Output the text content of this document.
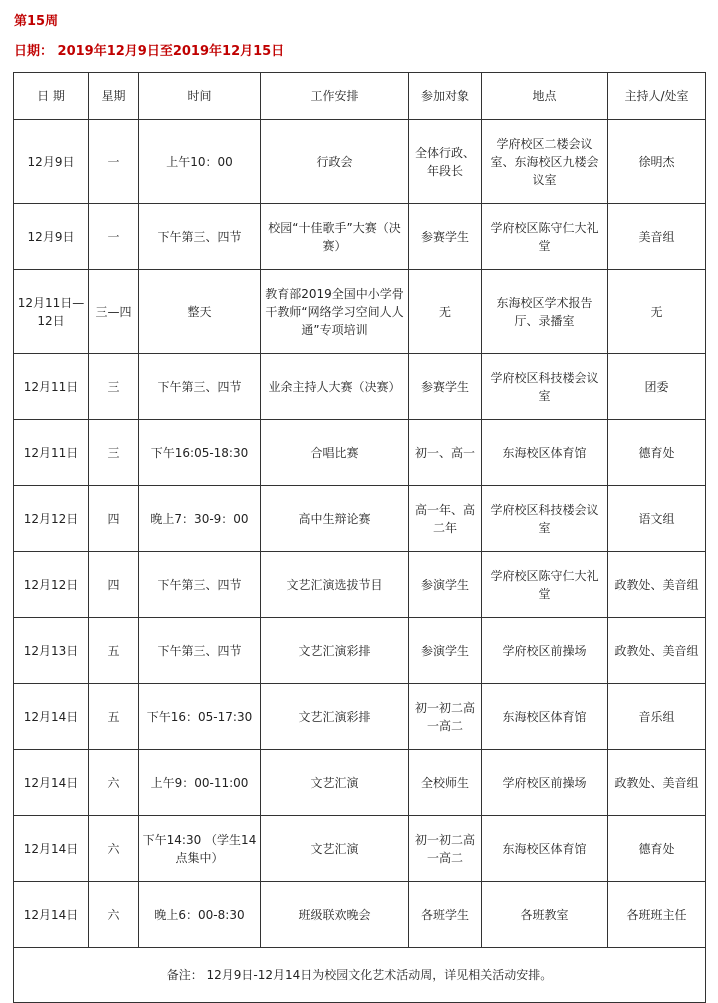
第15周
日期： 2019年12月9日至2019年12月15日
日 期	星期	时间	工作安排	参加对象	地点	主持人/处室
12月9日	一	上午10：00	行政会	全体行政、年段长	学府校区二楼会议室、东海校区九楼会议室	徐明杰
12月9日	一	下午第三、四节	校园“十佳歌手”大赛（决赛）	参赛学生	学府校区陈守仁大礼堂	美音组
12月11日—12日	三—四	整天	教育部2019全国中小学骨干教师“网络学习空间人人通”专项培训	无	东海校区学术报告厅、录播室	无
12月11日	三	下午第三、四节	业余主持人大赛（决赛）	参赛学生	学府校区科技楼会议室	团委
12月11日	三	下午16:05-18:30	合唱比赛	初一、高一	东海校区体育馆	德育处
12月12日	四	晚上7：30-9：00	高中生辩论赛	高一年、高二年	学府校区科技楼会议室	语文组
12月12日	四	下午第三、四节	文艺汇演选拔节目	参演学生	学府校区陈守仁大礼堂	政教处、美音组
12月13日	五	下午第三、四节	文艺汇演彩排	参演学生	学府校区前操场	政教处、美音组
12月14日	五	下午16：05-17:30	文艺汇演彩排	初一初二高一高二	东海校区体育馆	音乐组
12月14日	六	上午9：00-11:00	文艺汇演	全校师生	学府校区前操场	政教处、美音组
12月14日	六	下午14:30 （学生14点集中）	文艺汇演	初一初二高一高二	东海校区体育馆	德育处
12月14日	六	晚上6：00-8:30	班级联欢晚会	各班学生	各班教室	各班班主任
备注： 12月9日-12月14日为校园文化艺术活动周，详见相关活动安排。						
